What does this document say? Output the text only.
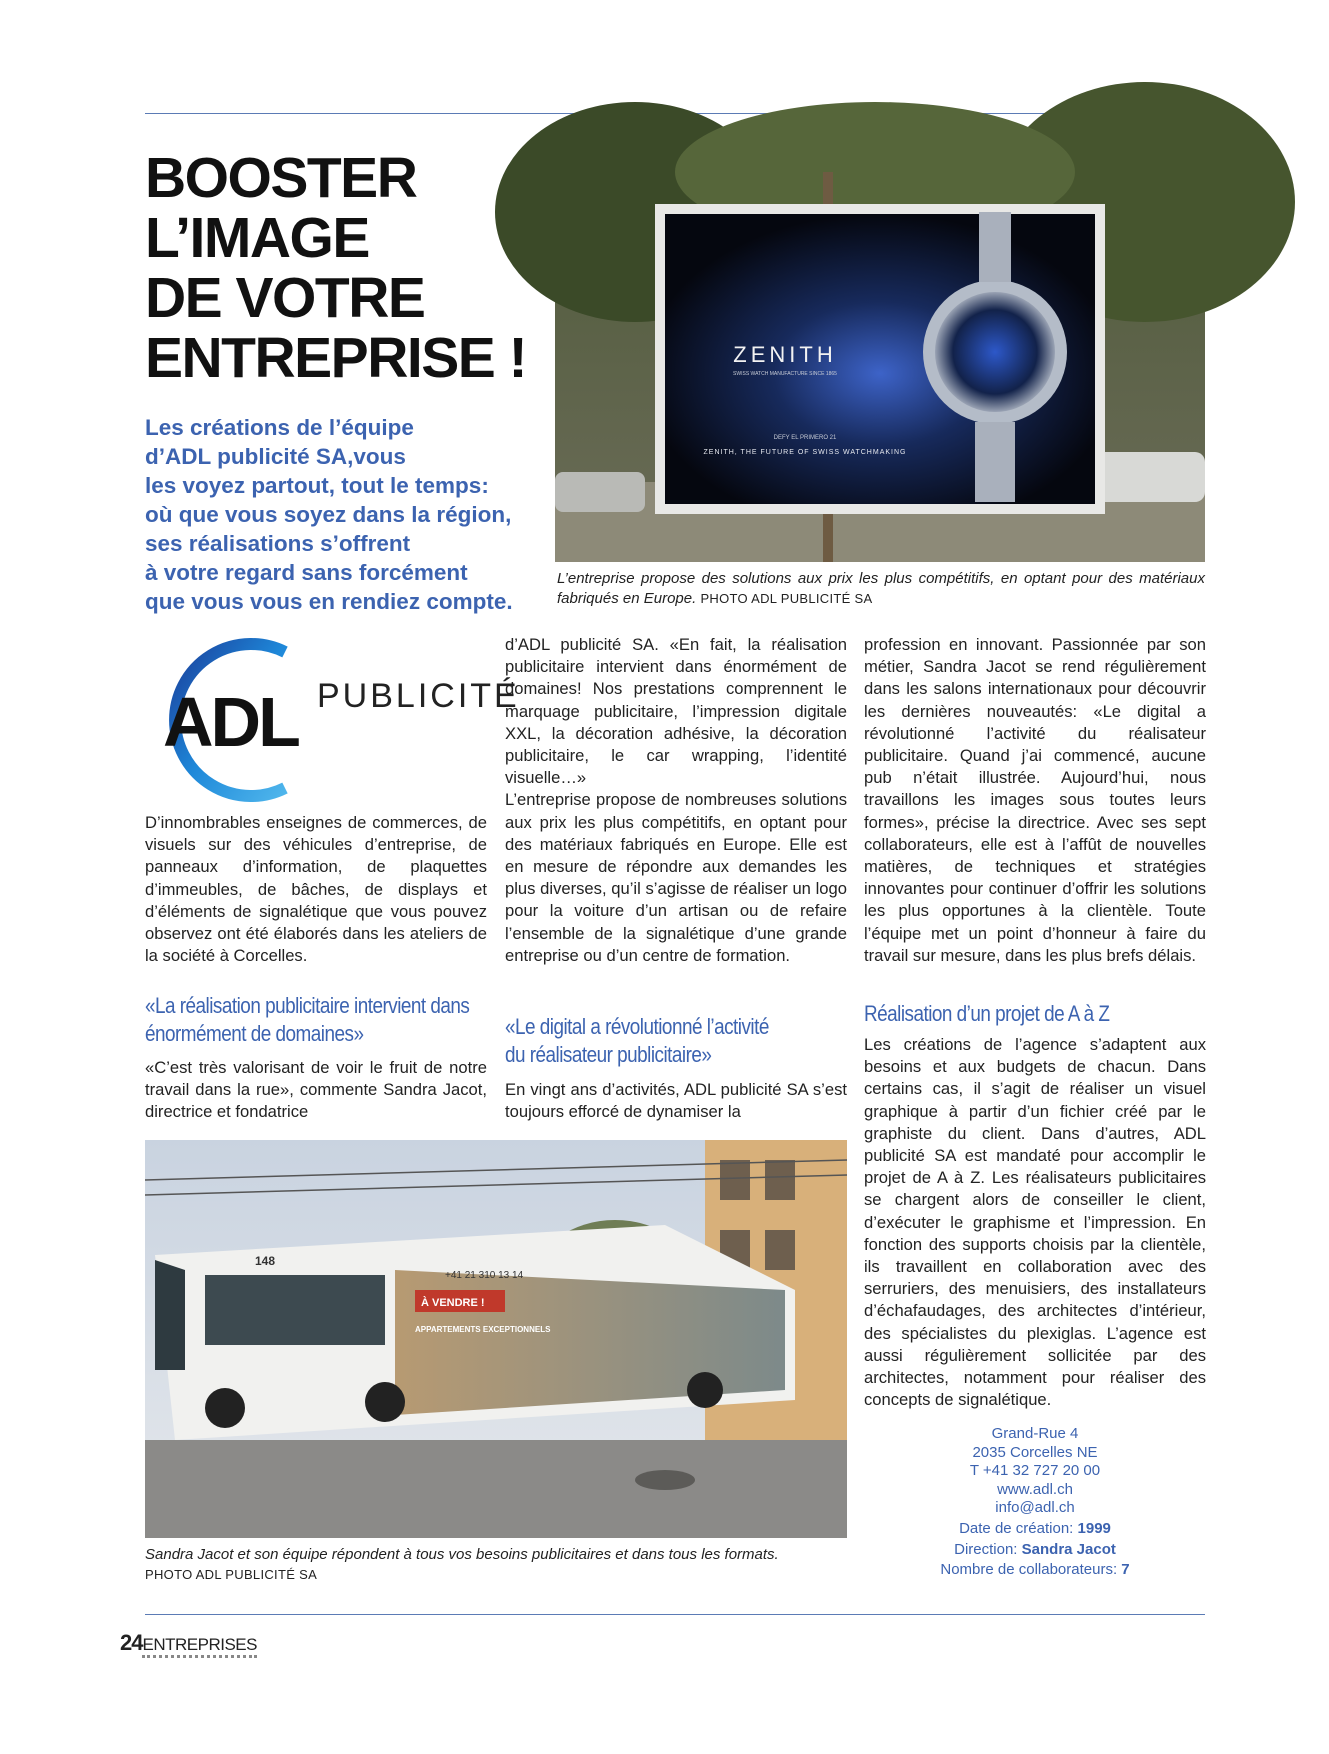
BOOSTER
L’IMAGE
DE VOTRE
ENTREPRISE !
Les créations de l’équipe
d’ADL publicité SA,vous
les voyez partout, tout le temps:
où que vous soyez dans la région,
ses réalisations s’offrent
à votre regard sans forcément
que vous vous en rendiez compte.
ZENITH
SWISS WATCH MANUFACTURE SINCE 1865
DEFY EL PRIMERO 21
ZENITH, THE FUTURE OF SWISS WATCHMAKING
L’entreprise propose des solutions aux prix les plus compétitifs, en optant pour des matériaux fabriqués en Europe. PHOTO ADL PUBLICITÉ SA
ADL PUBLICITÉ

D’innombrables enseignes de commerces, de visuels sur des véhicules d’entreprise, de panneaux d’information, de plaquettes d’immeubles, de bâches, de displays et d’éléments de signalétique que vous pouvez observez ont été élaborés dans les ateliers de la société à Corcelles.

«La réalisation publicitaire intervient dans
énormément de domaines»

«C’est très valorisant de voir le fruit de notre travail dans la rue», commente Sandra Jacot, directrice et fondatrice

d’ADL publicité SA. «En fait, la réalisation publicitaire intervient dans énormément de domaines! Nos prestations comprennent le marquage publicitaire, l’impression digitale XXL, la décoration adhésive, la décoration publicitaire, le car wrapping, l’identité visuelle…»

L’entreprise propose de nombreuses solutions aux prix les plus compétitifs, en optant pour des matériaux fabriqués en Europe. Elle est en mesure de répondre aux demandes les plus diverses, qu’il s’agisse de réaliser un logo pour la voiture d’un artisan ou de refaire l’ensemble de la signalétique d’une grande entreprise ou d’un centre de formation.

«Le digital a révolutionné l’activité
du réalisateur publicitaire»

En vingt ans d’activités, ADL publicité SA s’est toujours efforcé de dynamiser la

profession en innovant. Passionnée par son métier, Sandra Jacot se rend régulièrement dans les salons internationaux pour découvrir les dernières nouveautés: «Le digital a révolutionné l’activité du réalisateur publicitaire. Quand j’ai commencé, aucune pub n’était illustrée. Aujourd’hui, nous travaillons les images sous toutes leurs formes», précise la directrice. Avec ses sept collaborateurs, elle est à l’affût de nouvelles matières, de techniques et stratégies innovantes pour continuer d’offrir les solutions les plus opportunes à la clientèle. Toute l’équipe met un point d’honneur à faire du travail sur mesure, dans les plus brefs délais.

Réalisation d’un projet de A à Z

Les créations de l’agence s’adaptent aux besoins et aux budgets de chacun. Dans certains cas, il s’agit de réaliser un visuel graphique à partir d’un fichier créé par le graphiste du client. Dans d’autres, ADL publicité SA est mandaté pour accomplir le projet de A à Z. Les réalisateurs publicitaires se chargent alors de conseiller le client, d’exécuter le graphisme et l’impression. En fonction des supports choisis par la clientèle, ils travaillent en collaboration avec des serruriers, des menuisiers, des installateurs d’échafaudages, des architectes d’intérieur, des spécialistes du plexiglas. L’agence est aussi régulièrement sollicitée par des architectes, notamment pour réaliser des concepts de signalétique.

À VENDRE !
APPARTEMENTS EXCEPTIONNELS
+41 21 310 13 14
148
Sandra Jacot et son équipe répondent à tous vos besoins publicitaires et dans tous les formats.
PHOTO ADL PUBLICITÉ SA
Grand-Rue 4
2035 Corcelles NE
T +41 32 727 20 00
www.adl.ch
info@adl.ch
Date de création: 1999
Direction: Sandra Jacot
Nombre de collaborateurs: 7
24ENTREPRISES
